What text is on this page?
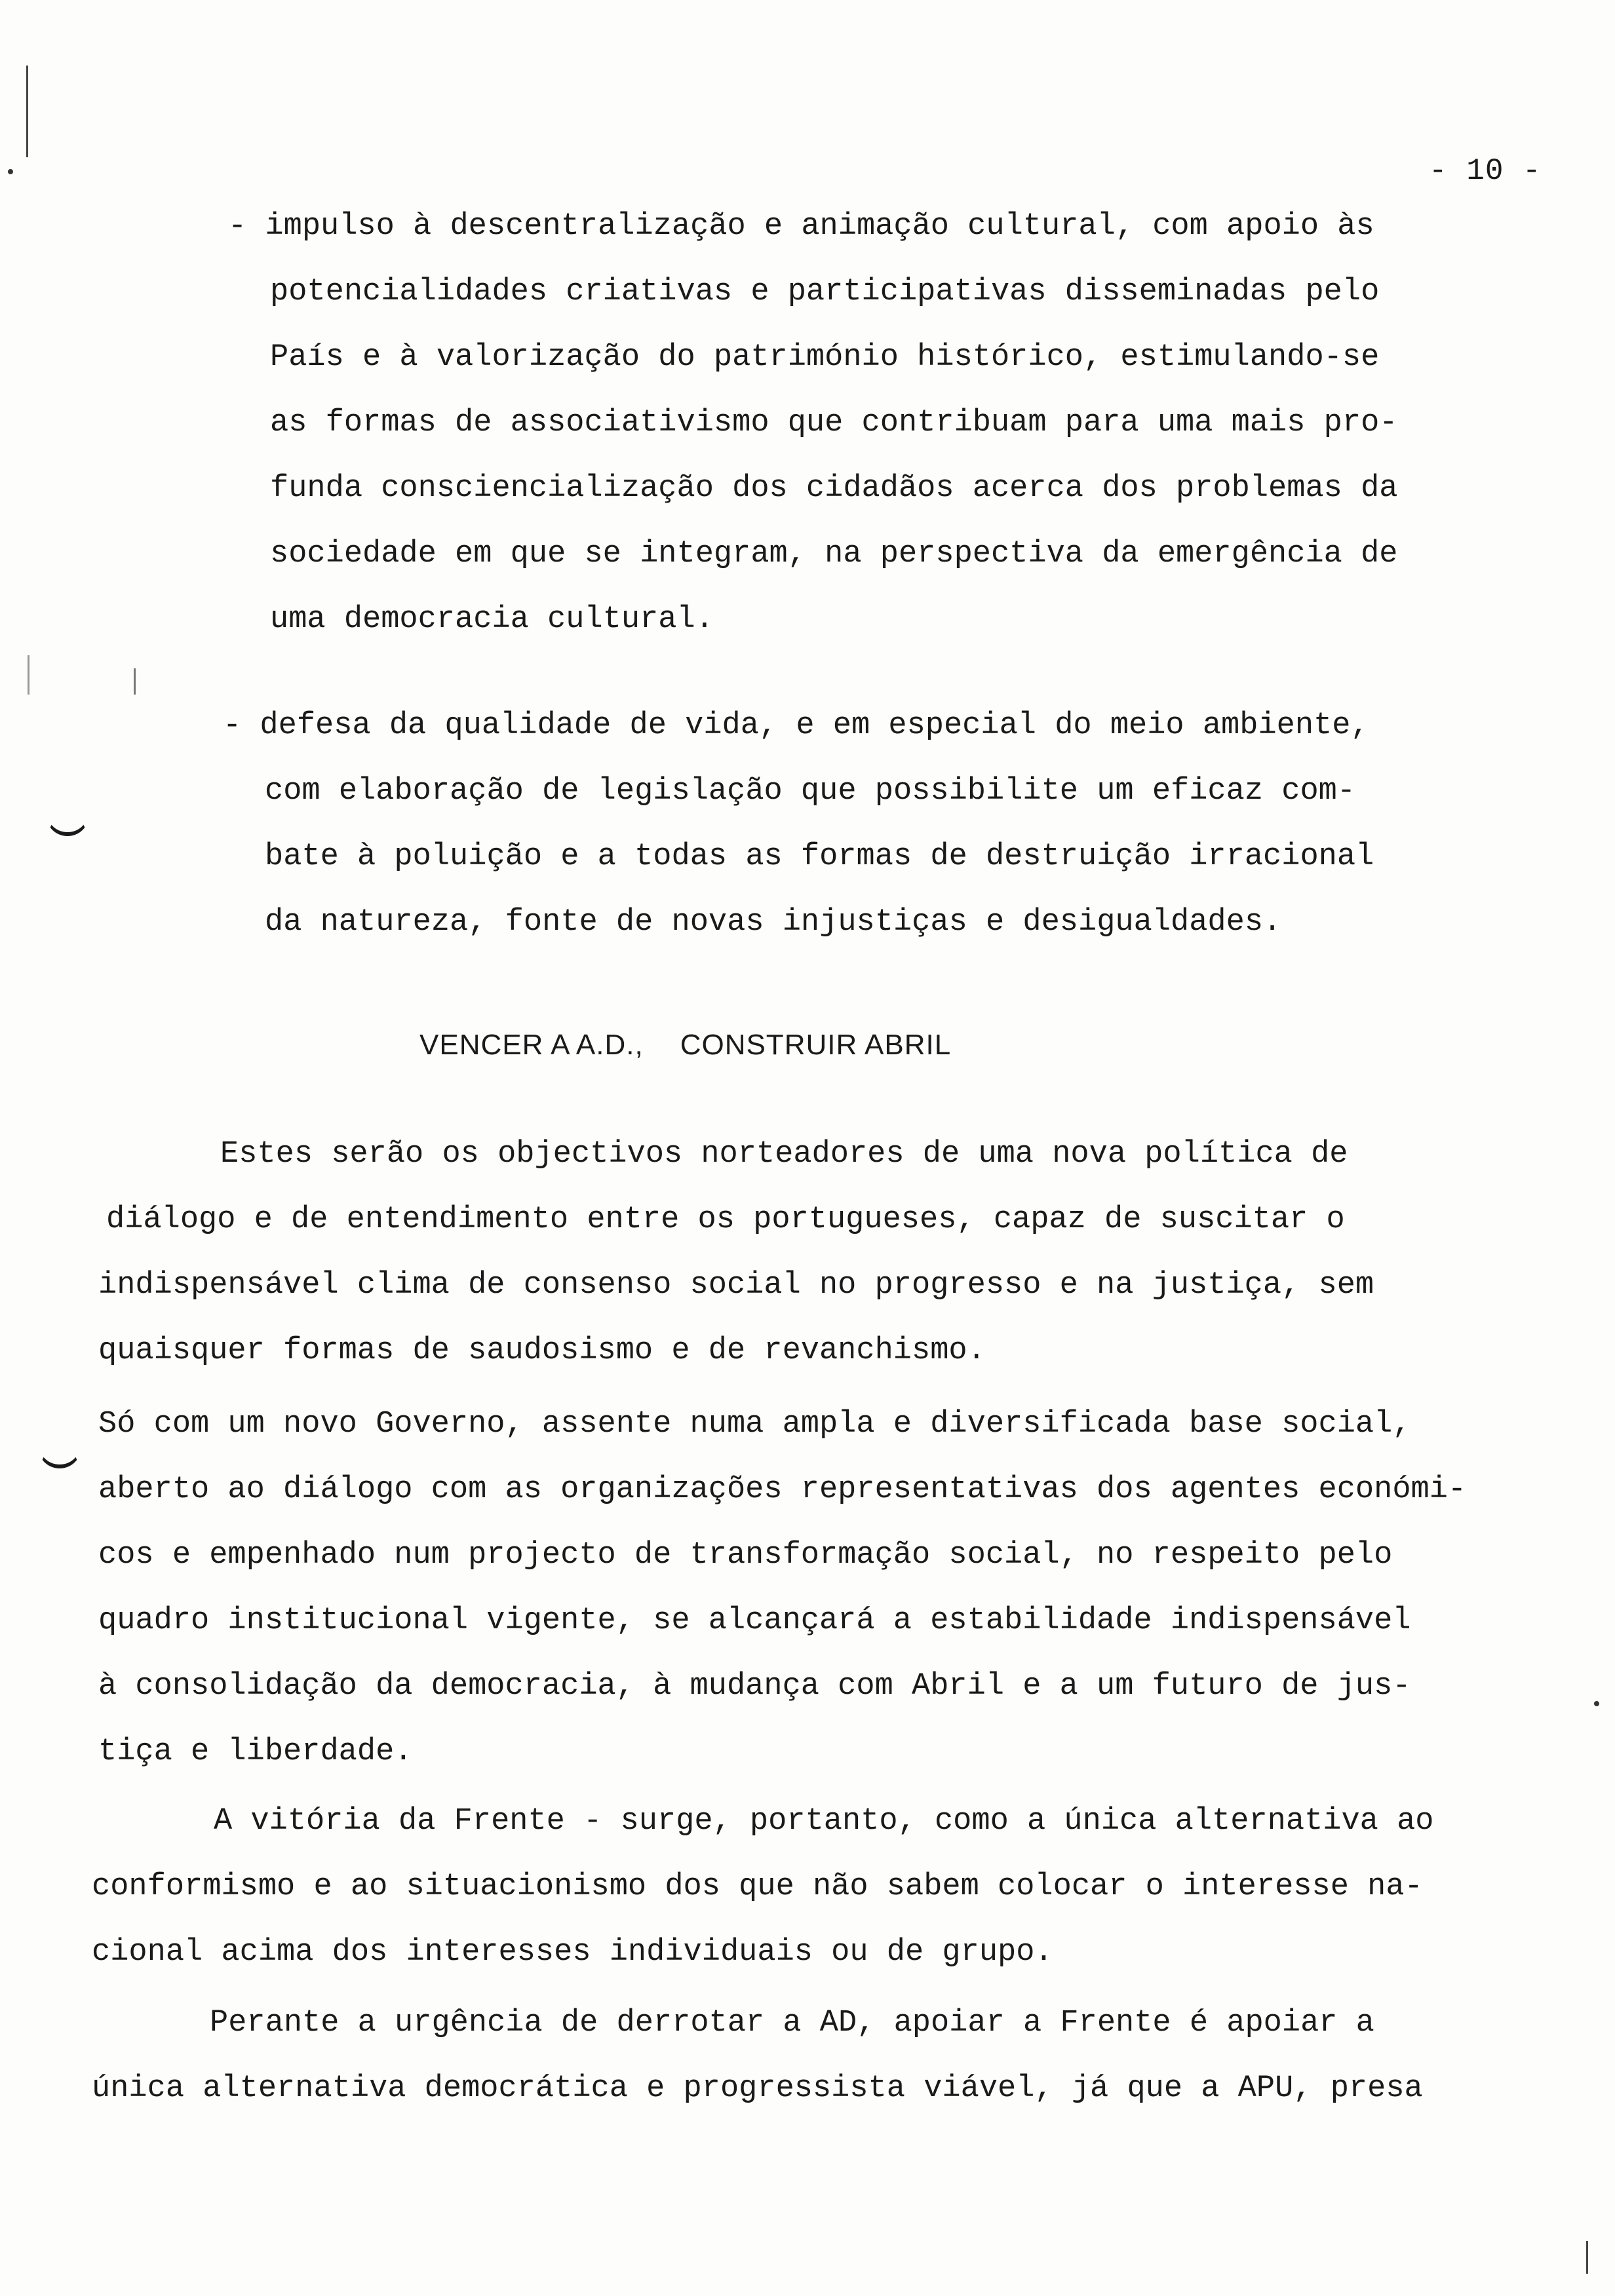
- 10 -
- impulso à descentralização e animação cultural, com apoio às
potencialidades criativas e participativas disseminadas pelo
País e à valorização do património histórico, estimulando-se
as formas de associativismo que contribuam para uma mais pro-
funda consciencialização dos cidadãos acerca dos problemas da
sociedade em que se integram, na perspectiva da emergência de
uma democracia cultural.
- defesa da qualidade de vida, e em especial do meio ambiente,
com elaboração de legislação que possibilite um eficaz com-
bate à poluição e a todas as formas de destruição irracional
da natureza, fonte de novas injustiças e desigualdades.
VENCER A A.D., CONSTRUIR ABRIL
Estes serão os objectivos norteadores de uma nova política de
diálogo e de entendimento entre os portugueses, capaz de suscitar o
indispensável clima de consenso social no progresso e na justiça, sem
quaisquer formas de saudosismo e de revanchismo.
Só com um novo Governo, assente numa ampla e diversificada base social,
aberto ao diálogo com as organizações representativas dos agentes económi-
cos e empenhado num projecto de transformação social, no respeito pelo
quadro institucional vigente, se alcançará a estabilidade indispensável
à consolidação da democracia, à mudança com Abril e a um futuro de jus-
tiça e liberdade.
A vitória da Frente - surge, portanto, como a única alternativa ao
conformismo e ao situacionismo dos que não sabem colocar o interesse na-
cional acima dos interesses individuais ou de grupo.
Perante a urgência de derrotar a AD, apoiar a Frente é apoiar a
única alternativa democrática e progressista viável, já que a APU, presa
